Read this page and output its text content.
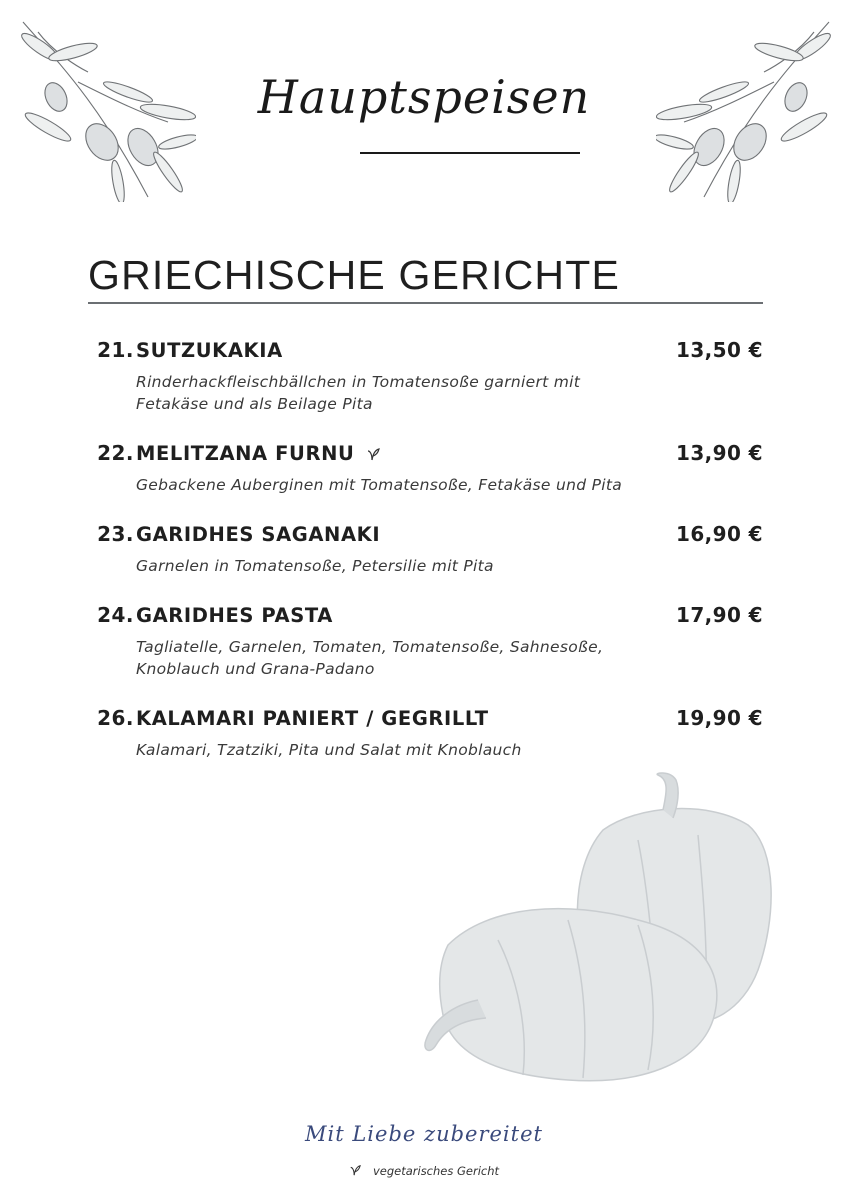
Hauptspeisen
GRIECHISCHE GERICHTE
21. SUTZUKAKIA	13,50 €
Rinderhackfleischbällchen in Tomatensoße garniert mit Fetakäse und als Beilage Pita
22. MELITZANA FURNU	13,90 €
Gebackene Auberginen mit Tomatensoße, Fetakäse und Pita
23. GARIDHES SAGANAKI	16,90 €
Garnelen in Tomatensoße, Petersilie mit Pita
24. GARIDHES PASTA	17,90 €
Tagliatelle, Garnelen, Tomaten, Tomatensoße, Sahnesoße, Knoblauch und Grana-Padano
26. KALAMARI PANIERT / GEGRILLT	19,90 €
Kalamari, Tzatziki, Pita und Salat mit Knoblauch
Mit Liebe zubereitet
vegetarisches Gericht
